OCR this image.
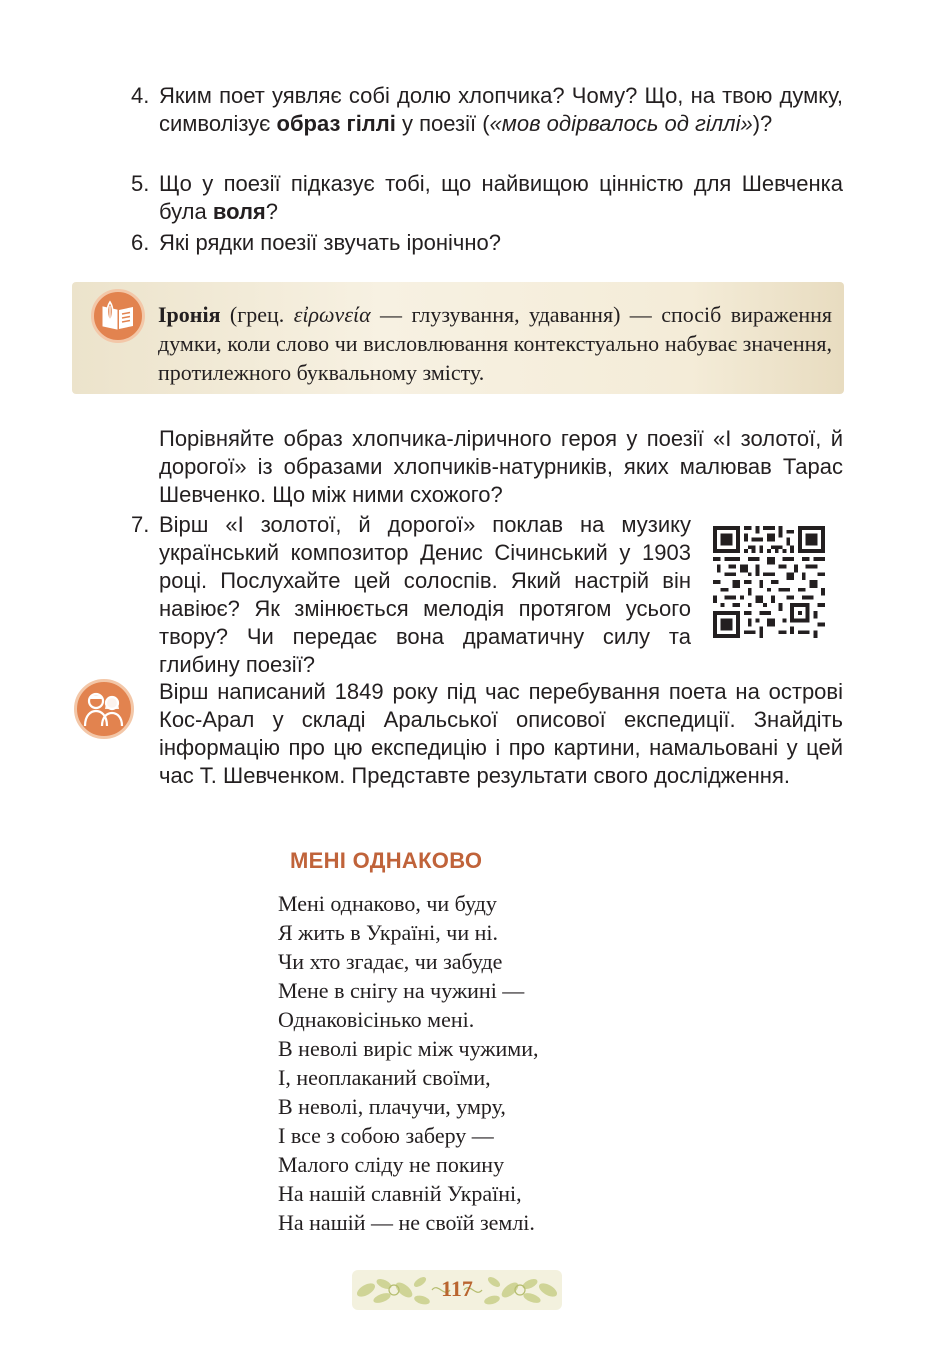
4. Яким поет уявляє собі долю хлопчика? Чому? Що, на твою думку, символізує образ гіллі у поезії («мов одірвалось од гіллі»)?
5. Що у поезії підказує тобі, що найвищою цінністю для Шевченка була воля?
6. Які рядки поезії звучать іронічно?
Іронія (грец. εἰρωνεία — глузування, удавання) — спосіб вираження думки, коли слово чи висловлювання контекстуально набуває значення, протилежного буквальному змісту.
Порівняйте образ хлопчика-ліричного героя у поезії «І золотої, й дорогої» із образами хлопчиків-натурників, яких малював Тарас Шевченко. Що між ними схожого?
7. Вірш «І золотої, й дорогої» поклав на музику український композитор Денис Січинський у 1903 році. Послухайте цей солоспів. Який настрій він навіює? Як змінюється мелодія протягом усього твору? Чи передає вона драматичну силу та глибину поезії?
Вірш написаний 1849 року під час перебування поета на острові Кос-Арал у складі Аральської описової експедиції. Знайдіть інформацію про цю експедицію і про картини, намальовані у цей час Т. Шевченком. Представте результати свого дослідження.
МЕНІ ОДНАКОВО
Мені однаково, чи буду
Я жить в Україні, чи ні.
Чи хто згадає, чи забуде
Мене в снігу на чужині —
Однаковісінько мені.
В неволі виріс між чужими,
І, неоплаканий своїми,
В неволі, плачучи, умру,
І все з собою заберу —
Малого сліду не покину
На нашій славній Україні,
На нашій — не своїй землі.
117
